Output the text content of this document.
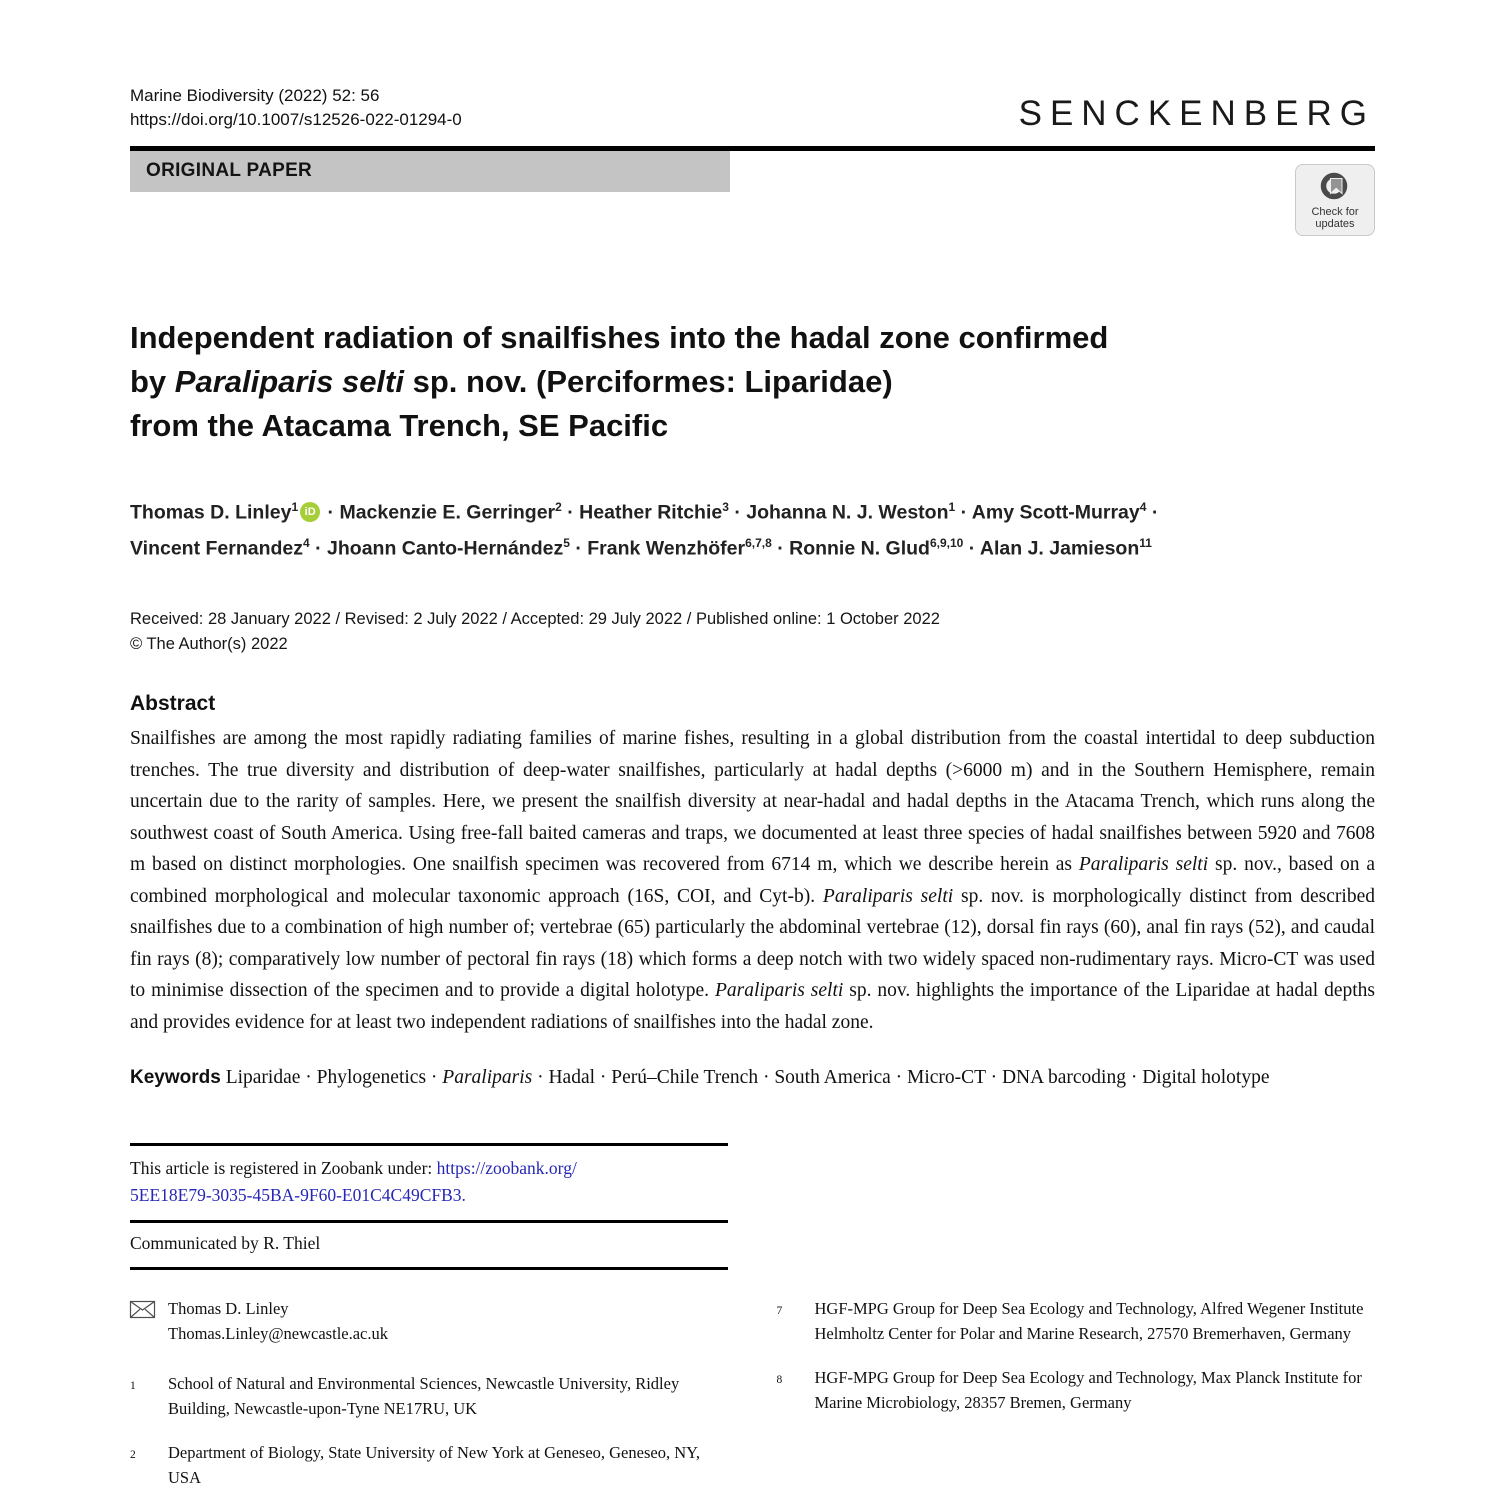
Marine Biodiversity (2022) 52: 56
https://doi.org/10.1007/s12526-022-01294-0	SENCKENBERG
ORIGINAL PAPER
Check for
updates
Independent radiation of snailfishes into the hadal zone confirmed
by Paraliparis selti sp. nov. (Perciformes: Liparidae)
from the Atacama Trench, SE Pacific
Thomas D. Linley$^1$ iD · Mackenzie E. Gerringer$^2$ · Heather Ritchie$^3$ · Johanna N. J. Weston$^1$ · Amy Scott-Murray$^4$ ·
Vincent Fernandez$^4$ · Jhoann Canto-Hernández$^5$ · Frank Wenzhöfer$^{6,7,8}$ · Ronnie N. Glud$^{6,9,10}$ · Alan J. Jamieson$^{11}$
Received: 28 January 2022 / Revised: 2 July 2022 / Accepted: 29 July 2022 / Published online: 1 October 2022
© The Author(s) 2022
Abstract

Snailfishes are among the most rapidly radiating families of marine fishes, resulting in a global distribution from the coastal intertidal to deep subduction trenches. The true diversity and distribution of deep-water snailfishes, particularly at hadal depths (>6000 m) and in the Southern Hemisphere, remain uncertain due to the rarity of samples. Here, we present the snailfish diversity at near-hadal and hadal depths in the Atacama Trench, which runs along the southwest coast of South America. Using free-fall baited cameras and traps, we documented at least three species of hadal snailfishes between 5920 and 7608 m based on distinct morphologies. One snailfish specimen was recovered from 6714 m, which we describe herein as Paraliparis selti sp. nov., based on a combined morphological and molecular taxonomic approach (16S, COI, and Cyt-b). Paraliparis selti sp. nov. is morphologically distinct from described snailfishes due to a combination of high number of; vertebrae (65) particularly the abdominal vertebrae (12), dorsal fin rays (60), anal fin rays (52), and caudal fin rays (8); comparatively low number of pectoral fin rays (18) which forms a deep notch with two widely spaced non-rudimentary rays. Micro-CT was used to minimise dissection of the specimen and to provide a digital holotype. Paraliparis selti sp. nov. highlights the importance of the Liparidae at hadal depths and provides evidence for at least two independent radiations of snailfishes into the hadal zone.

Keywords Liparidae · Phylogenetics · Paraliparis · Hadal · Perú–Chile Trench · South America · Micro-CT · DNA barcoding · Digital holotype

This article is registered in Zoobank under: https://zoobank.org/
5EE18E79-3035-45BA-9F60-E01C4C49CFB3.

Communicated by R. Thiel

Thomas D. Linley
Thomas.Linley@newcastle.ac.uk
1	School of Natural and Environmental Sciences, Newcastle University, Ridley Building, Newcastle-upon-Tyne NE17RU, UK
2	Department of Biology, State University of New York at Geneseo, Geneseo, NY, USA
7	HGF-MPG Group for Deep Sea Ecology and Technology, Alfred Wegener Institute Helmholtz Center for Polar and Marine Research, 27570 Bremerhaven, Germany
8	HGF-MPG Group for Deep Sea Ecology and Technology, Max Planck Institute for Marine Microbiology, 28357 Bremen, Germany
